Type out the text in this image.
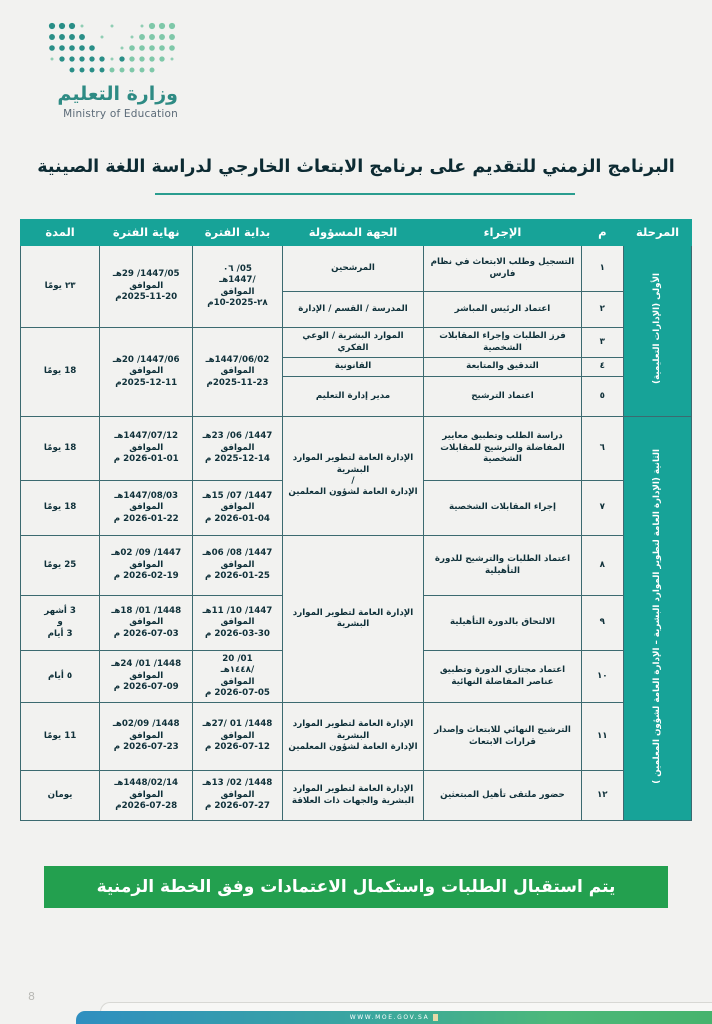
وزارة التعليم
Ministry of Education
البرنامج الزمني للتقديم على برنامج الابتعاث الخارجي لدراسة اللغة الصينية
المرحلة	م	الإجراء	الجهة المسؤولة	بداية الفترة	نهاية الفترة	المدة
الأولى (الإدارات التعليمية)	١	التسجيل وطلب الابتعاث في نظام فارس	المرشحين	05/ ٠٦
/1447هـ
الموافق
٢٨-10-2025م	1447/05/ 29هـ
الموافق
2025-11-20م	٢٣ يومًا

	٢	اعتماد الرئيس المباشر	المدرسة / القسم / الإدارة			

	٣	فرز الطلبات وإجراء المقابلات الشخصية	الموارد البشرية / الوعي الفكري	1447/06/02هـ
الموافق
2025-11-23م	1447/06/ 20هـ
الموافق
2025-12-11م	18 يومًا

	٤	التدقيق والمتابعة	القانونية			

	٥	اعتماد الترشيح	مدير إدارة التعليم			

الثانية (الإدارة العامة لتطوير الموارد البشرية – الإدارة العامة لشؤون المعلمين )	٦	دراسة الطلب وتطبيق معايير المفاضلة والترشيح للمقابلات الشخصية	الإدارة العامة لتطوير الموارد البشرية
/
الإدارة العامة لشؤون المعلمين	1447/ 06/ 23هـ
الموافق
2025-12-14 م	1447/07/12هـ
الموافق
2026-01-01 م	18 يومًا

	٧	إجراء المقابلات الشخصية		1447/ 07/ 15هـ
الموافق
2026-01-04 م	1447/08/03هـ
الموافق
2026-01-22 م	18 يومًا

	٨	اعتماد الطلبات والترشيح للدورة التأهيلية	الإدارة العامة لتطوير الموارد البشرية	1447/ 08/ 06هـ
الموافق
2026-01-25 م	1447/ 09/ 02هـ
الموافق
2026-02-19 م	25 يومًا

	٩	الالتحاق بالدورة التأهيلية		1447/ 10/ 11هـ
الموافق
2026-03-30 م	1448/ 01/ 18هـ
الموافق
2026-07-03 م	3 أشهر
و
3 أيام

	١٠	اعتماد مجتازي الدورة وتطبيق عناصر المفاضلة النهائية		01/ 20
/١٤٤٨هـ
الموافق
2026-07-05 م	1448/ 01/ 24هـ
الموافق
2026-07-09 م	٥ أيام

	١١	الترشيح النهائي للابتعاث وإصدار قرارات الابتعاث	الإدارة العامة لتطوير الموارد البشرية
الإدارة العامة لشؤون المعلمين	1448/ 01 /27هـ
الموافق
2026-07-12 م	1448/ 02/09هـ
الموافق
2026-07-23 م	11 يومًا

	١٢	حضور ملتقى تأهيل المبتعثين	الإدارة العامة لتطوير الموارد البشرية والجهات ذات العلاقة	1448/ 02/ 13هـ
الموافق
2026-07-27 م	1448/02/14هـ
الموافق
2026-07-28م	يومان
يتم استقبال الطلبات واستكمال الاعتمادات وفق الخطة الزمنية
8
WWW.MOE.GOV.SA
